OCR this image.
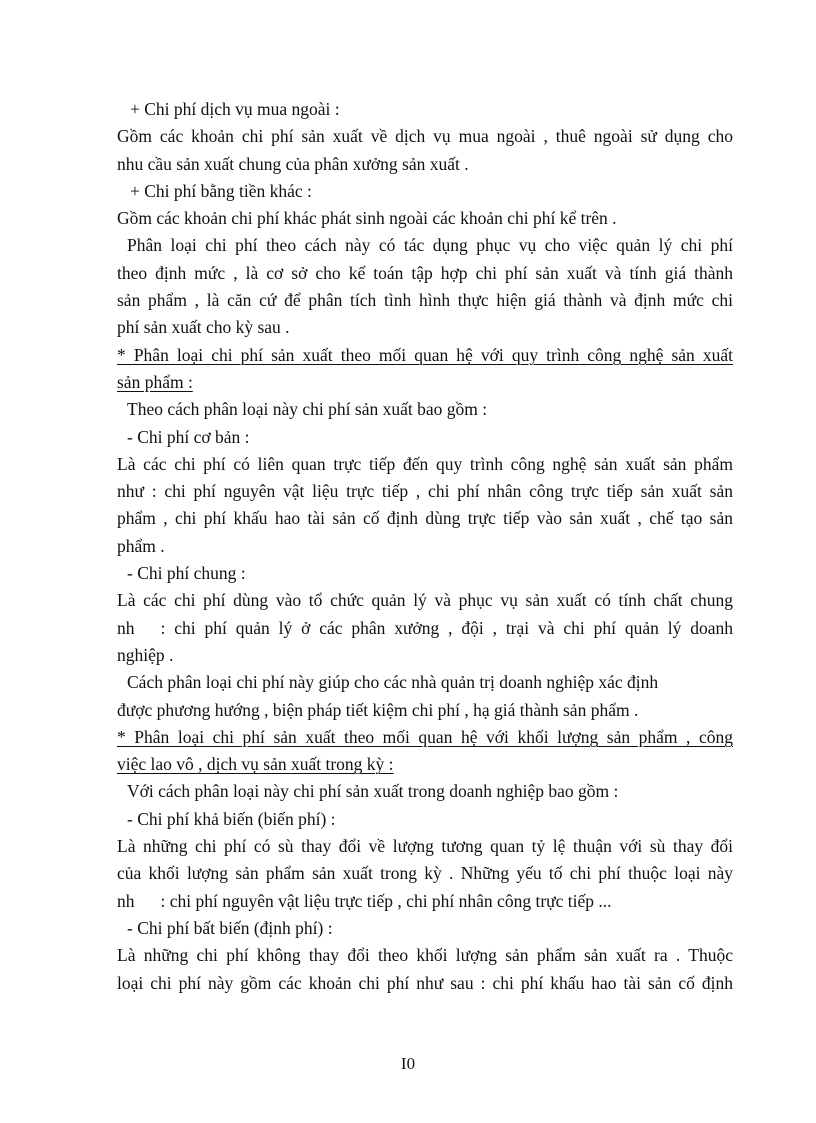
+ Chi phí dịch vụ mua ngoài :
Gồm các khoản chi phí sản xuất về dịch vụ mua ngoài , thuê ngoài sử dụng cho
nhu cầu sản xuất chung của phân xưởng sản xuất .
+ Chi phí bằng tiền khác :
Gồm các khoản chi phí khác phát sinh ngoài các khoản chi phí kể trên .
Phân loại chi phí theo cách này có tác dụng phục vụ cho việc quản lý chi phí
theo định mức , là cơ sở cho kế toán tập hợp chi phí sản xuất và tính giá thành
sản phẩm , là căn cứ để phân tích tình hình thực hiện giá thành và định mức chi
phí sản xuất cho kỳ sau .
* Phân loại chi phí sản xuất theo mối quan hệ với quy trình công nghệ sản xuất
sản phẩm :
Theo cách phân loại này chi phí sản xuất bao gồm :
- Chi phí cơ bản :
Là các chi phí có liên quan trực tiếp đến quy trình công nghệ sản xuất sản phẩm
như : chi phí nguyên vật liệu trực tiếp , chi phí nhân công trực tiếp sản xuất sản
phẩm , chi phí khấu hao tài sản cố định dùng trực tiếp vào sản xuất , chế tạo sản
phẩm .
- Chi phí chung :
Là các chi phí dùng vào tổ chức quản lý và phục vụ sản xuất có tính chất chung
nh : chi phí quản lý ở các phân xưởng , đội , trại và chi phí quản lý doanh
nghiệp .
Cách phân loại chi phí này giúp cho các nhà quản trị doanh nghiệp xác định
được phương hướng , biện pháp tiết kiệm chi phí , hạ giá thành sản phẩm .
* Phân loại chi phí sản xuất theo mối quan hệ với khối lượng sản phẩm , công
việc lao vô , dịch vụ sản xuất trong kỳ :
Với cách phân loại này chi phí sản xuất trong doanh nghiệp bao gồm :
- Chi phí khả biến (biến phí) :
Là những chi phí có sù thay đổi về lượng tương quan tỷ lệ thuận với sù thay đổi
của khối lượng sản phẩm sản xuất trong kỳ . Những yếu tố chi phí thuộc loại này
nh : chi phí nguyên vật liệu trực tiếp , chi phí nhân công trực tiếp ...
- Chi phí bất biến (định phí) :
Là những chi phí không thay đổi theo khối lượng sản phẩm sản xuất ra . Thuộc
loại chi phí này gồm các khoản chi phí như sau : chi phí khấu hao tài sản cố định
I0
